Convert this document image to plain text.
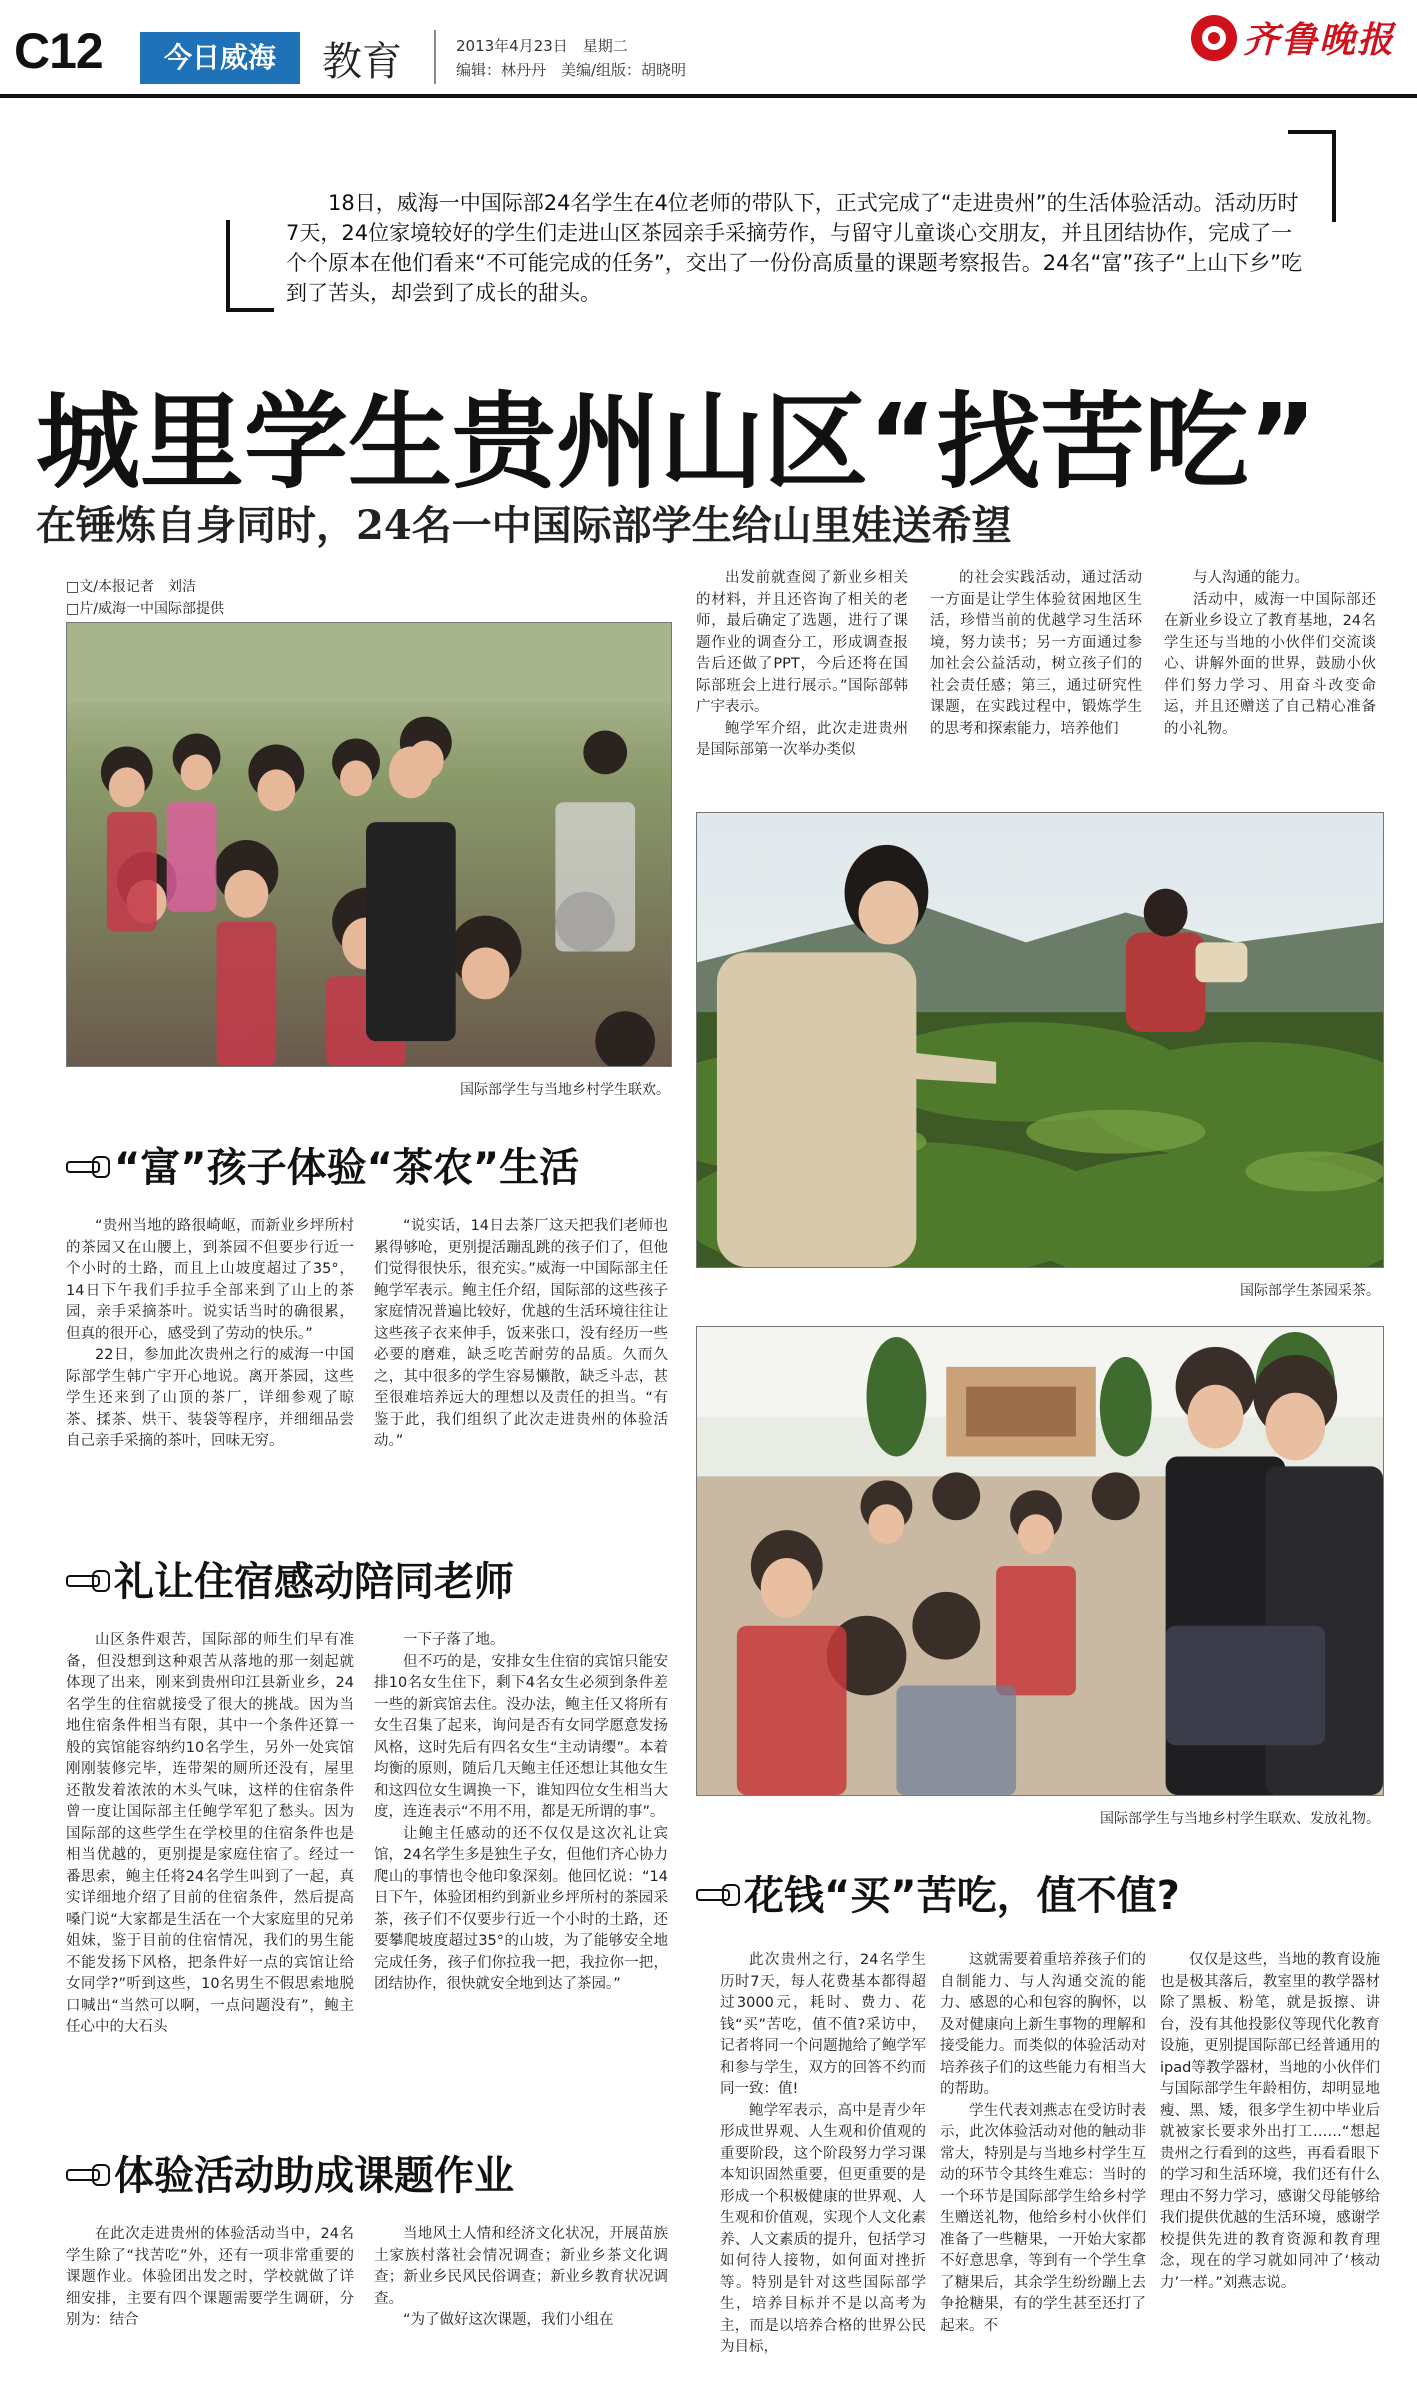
C12	今日威海	教育	2013年4月23日　星期二
编辑：林丹丹　美编/组版：胡晓明
齐鲁晚报

18日，威海一中国际部24名学生在4位老师的带队下，正式完成了“走进贵州”的生活体验活动。活动历时7天，24位家境较好的学生们走进山区茶园亲手采摘劳作，与留守儿童谈心交朋友，并且团结协作，完成了一个个原本在他们看来“不可能完成的任务”，交出了一份份高质量的课题考察报告。24名“富”孩子“上山下乡”吃到了苦头，却尝到了成长的甜头。

城里学生贵州山区“找苦吃”
在锤炼自身同时，24名一中国际部学生给山里娃送希望
□文/本报记者　刘洁
□片/威海一中国际部提供
国际部学生与当地乡村学生联欢。

出发前就查阅了新业乡相关的材料，并且还咨询了相关的老师，最后确定了选题，进行了课题作业的调查分工，形成调查报告后还做了PPT，今后还将在国际部班会上进行展示。”国际部韩广宇表示。

鲍学军介绍，此次走进贵州是国际部第一次举办类似

的社会实践活动，通过活动一方面是让学生体验贫困地区生活，珍惜当前的优越学习生活环境，努力读书；另一方面通过参加社会公益活动，树立孩子们的社会责任感；第三，通过研究性课题，在实践过程中，锻炼学生的思考和探索能力，培养他们

与人沟通的能力。

活动中，威海一中国际部还在新业乡设立了教育基地，24名学生还与当地的小伙伴们交流谈心、讲解外面的世界，鼓励小伙伴们努力学习、用奋斗改变命运，并且还赠送了自己精心准备的小礼物。

国际部学生茶园采茶。
国际部学生与当地乡村学生联欢、发放礼物。
“富”孩子体验“茶农”生活

“贵州当地的路很崎岖，而新业乡坪所村的茶园又在山腰上，到茶园不但要步行近一个小时的土路，而且上山坡度超过了35°，14日下午我们手拉手全部来到了山上的茶园，亲手采摘茶叶。说实话当时的确很累，但真的很开心，感受到了劳动的快乐。”

22日，参加此次贵州之行的威海一中国际部学生韩广宇开心地说。离开茶园，这些学生还来到了山顶的茶厂，详细参观了晾茶、揉茶、烘干、装袋等程序，并细细品尝自己亲手采摘的茶叶，回味无穷。

“说实话，14日去茶厂这天把我们老师也累得够呛，更别提活蹦乱跳的孩子们了，但他们觉得很快乐，很充实。”威海一中国际部主任鲍学军表示。鲍主任介绍，国际部的这些孩子家庭情况普遍比较好，优越的生活环境往往让这些孩子衣来伸手，饭来张口，没有经历一些必要的磨难，缺乏吃苦耐劳的品质。久而久之，其中很多的学生容易懒散，缺乏斗志，甚至很难培养远大的理想以及责任的担当。“有鉴于此，我们组织了此次走进贵州的体验活动。”

礼让住宿感动陪同老师

山区条件艰苦，国际部的师生们早有准备，但没想到这种艰苦从落地的那一刻起就体现了出来，刚来到贵州印江县新业乡，24名学生的住宿就接受了很大的挑战。因为当地住宿条件相当有限，其中一个条件还算一般的宾馆能容纳约10名学生，另外一处宾馆刚刚装修完毕，连带架的厕所还没有，屋里还散发着浓浓的木头气味，这样的住宿条件曾一度让国际部主任鲍学军犯了愁头。因为国际部的这些学生在学校里的住宿条件也是相当优越的，更别提是家庭住宿了。经过一番思索，鲍主任将24名学生叫到了一起，真实详细地介绍了目前的住宿条件，然后提高嗓门说“大家都是生活在一个大家庭里的兄弟姐妹，鉴于目前的住宿情况，我们的男生能不能发扬下风格，把条件好一点的宾馆让给女同学?”听到这些，10名男生不假思索地脱口喊出“当然可以啊，一点问题没有”，鲍主任心中的大石头

一下子落了地。

但不巧的是，安排女生住宿的宾馆只能安排10名女生住下，剩下4名女生必须到条件差一些的新宾馆去住。没办法，鲍主任又将所有女生召集了起来，询问是否有女同学愿意发扬风格，这时先后有四名女生“主动请缨”。本着均衡的原则，随后几天鲍主任还想让其他女生和这四位女生调换一下，谁知四位女生相当大度，连连表示“不用不用，都是无所谓的事”。

让鲍主任感动的还不仅仅是这次礼让宾馆，24名学生多是独生子女，但他们齐心协力爬山的事情也令他印象深刻。他回忆说：“14日下午，体验团相约到新业乡坪所村的茶园采茶，孩子们不仅要步行近一个小时的土路，还要攀爬坡度超过35°的山坡，为了能够安全地完成任务，孩子们你拉我一把，我拉你一把，团结协作，很快就安全地到达了茶园。”

体验活动助成课题作业

在此次走进贵州的体验活动当中，24名学生除了“找苦吃”外，还有一项非常重要的课题作业。体验团出发之时，学校就做了详细安排，主要有四个课题需要学生调研，分别为：结合

当地风土人情和经济文化状况，开展苗族土家族村落社会情况调查；新业乡茶文化调查；新业乡民风民俗调查；新业乡教育状况调查。

“为了做好这次课题，我们小组在

花钱“买”苦吃，值不值?

此次贵州之行，24名学生历时7天，每人花费基本都得超过3000元，耗时、费力、花钱“买”苦吃，值不值?采访中，记者将同一个问题抛给了鲍学军和参与学生，双方的回答不约而同一致：值!

鲍学军表示，高中是青少年形成世界观、人生观和价值观的重要阶段，这个阶段努力学习课本知识固然重要，但更重要的是形成一个积极健康的世界观、人生观和价值观，实现个人文化素养、人文素质的提升，包括学习如何待人接物，如何面对挫折等。特别是针对这些国际部学生，培养目标并不是以高考为主，而是以培养合格的世界公民为目标，

这就需要着重培养孩子们的自制能力、与人沟通交流的能力、感恩的心和包容的胸怀，以及对健康向上新生事物的理解和接受能力。而类似的体验活动对培养孩子们的这些能力有相当大的帮助。

学生代表刘燕志在受访时表示，此次体验活动对他的触动非常大，特别是与当地乡村学生互动的环节令其终生难忘：当时的一个环节是国际部学生给乡村学生赠送礼物，他给乡村小伙伴们准备了一些糖果，一开始大家都不好意思拿，等到有一个学生拿了糖果后，其余学生纷纷蹦上去争抢糖果，有的学生甚至还打了起来。不

仅仅是这些，当地的教育设施也是极其落后，教室里的教学器材除了黑板、粉笔，就是扳擦、讲台，没有其他投影仪等现代化教育设施，更别提国际部已经普通用的ipad等教学器材，当地的小伙伴们与国际部学生年龄相仿，却明显地瘦、黑、矮，很多学生初中毕业后就被家长要求外出打工……“想起贵州之行看到的这些，再看看眼下的学习和生活环境，我们还有什么理由不努力学习，感谢父母能够给我们提供优越的生活环境，感谢学校提供先进的教育资源和教育理念，现在的学习就如同冲了‘核动力’一样。”刘燕志说。
